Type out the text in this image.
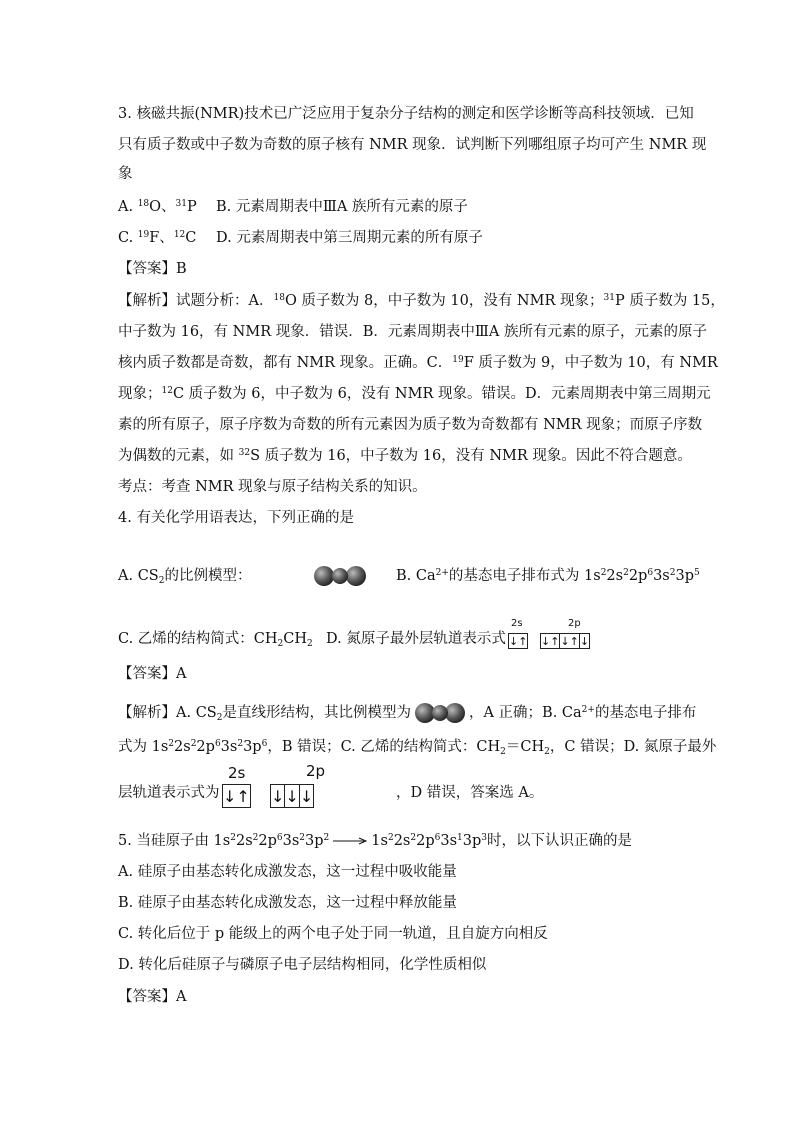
3. 核磁共振(NMR)技术已广泛应用于复杂分子结构的测定和医学诊断等高科技领域．已知
只有质子数或中子数为奇数的原子核有 NMR 现象．试判断下列哪组原子均可产生 NMR 现
象
A. $^{18}$O、$^{31}$P B. 元素周期表中ⅢA 族所有元素的原子
C. $^{19}$F、$^{12}$C D. 元素周期表中第三周期元素的所有原子
【答案】B
【解析】试题分析：A．$^{18}$O 质子数为 8，中子数为 10，没有 NMR 现象；$^{31}$P 质子数为 15，
中子数为 16，有 NMR 现象．错误．B．元素周期表中ⅢA 族所有元素的原子，元素的原子
核内质子数都是奇数，都有 NMR 现象。正确。C．$^{19}$F 质子数为 9，中子数为 10，有 NMR
现象；$^{12}$C 质子数为 6，中子数为 6，没有 NMR 现象。错误。D．元素周期表中第三周期元
素的所有原子，原子序数为奇数的所有元素因为质子数为奇数都有 NMR 现象；而原子序数
为偶数的元素，如 $^{32}$S 质子数为 16，中子数为 16，没有 NMR 现象。因此不符合题意。
考点：考查 NMR 现象与原子结构关系的知识。
4. 有关化学用语表达，下列正确的是
A. $CS_2$的比例模型：	B. $Ca^{2+}$的基态电子排布式为 $1s^22s^22p^63s^23p^5$
C. 乙烯的结构简式：$CH_2CH_2$ D. 氮原子最外层轨道表示式
2s	2p
↓↑ ↓↑	↓↑	↓
【答案】A
【解析】A. $CS_2$是直线形结构，其比例模型为	，A 正确；B. $Ca^{2+}$的基态电子排布
式为 $1s^22s^22p^63s^23p^6$，B 错误；C. 乙烯的结构简式：$CH_2=CH_2$，C 错误；D. 氮原子最外
层轨道表示式为
2s	2p
↓↑ ↓	↓	↓	，D 错误，答案选 A。
5. 当硅原子由 $1s^22s^22p^63s^23p^2 \to 1s^22s^22p^63s^13p^3$时，以下认识正确的是
A. 硅原子由基态转化成激发态，这一过程中吸收能量
B. 硅原子由基态转化成激发态，这一过程中释放能量
C. 转化后位于 p 能级上的两个电子处于同一轨道，且自旋方向相反
D. 转化后硅原子与磷原子电子层结构相同，化学性质相似
【答案】A
